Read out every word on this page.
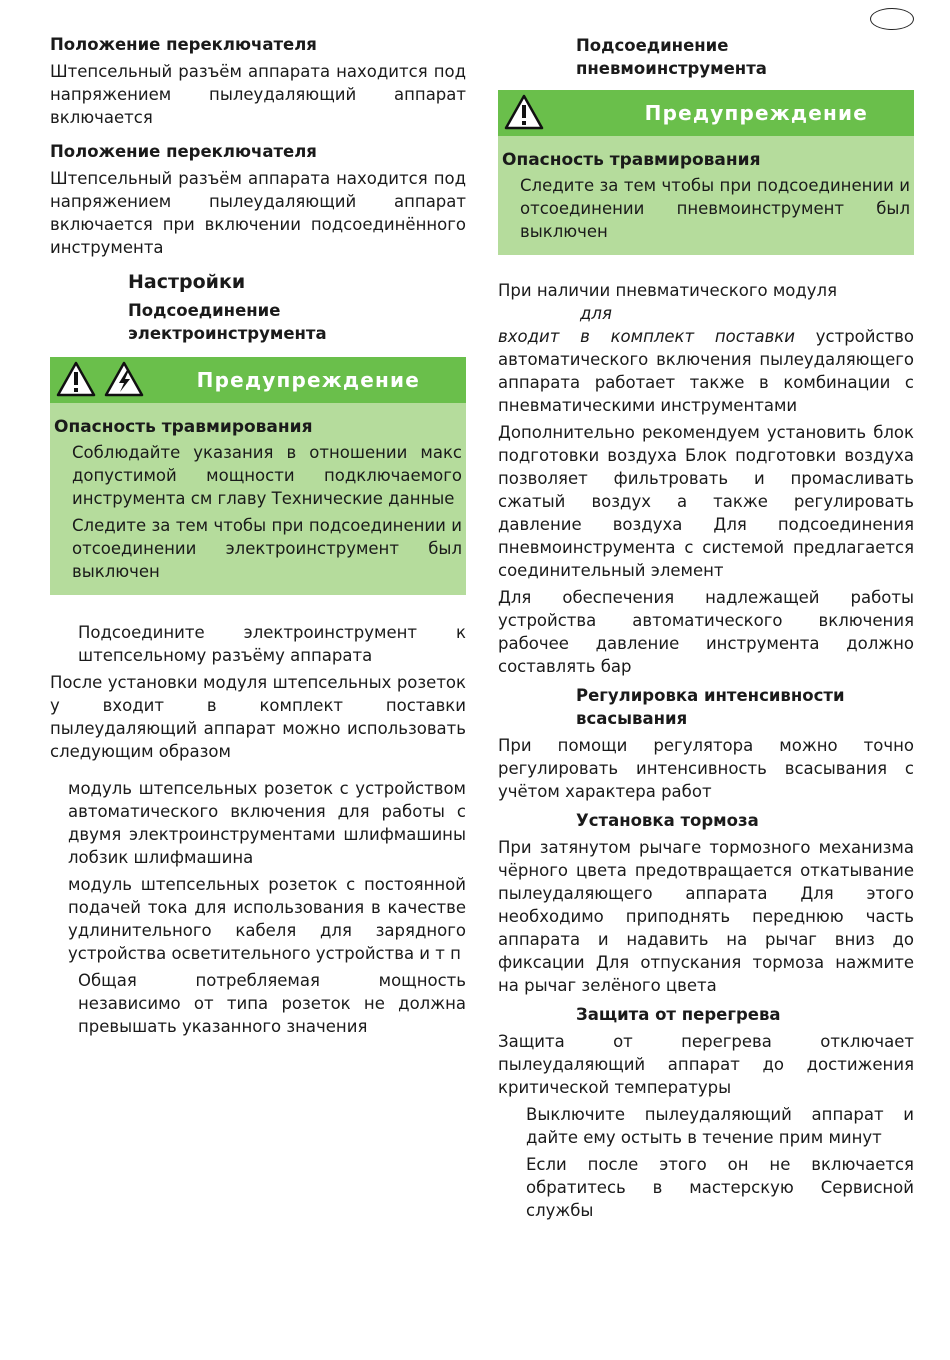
Положение переключателя

Штепсельный разъём аппарата находится под напряжением пылеудаляющий аппарат включается

Положение переключателя

Штепсельный разъём аппарата находится под напряжением пылеудаляющий аппарат включается при включении подсоединённого инструмента

Настройки

Подсоединение электроинструмента

Предупреждение

Опасность травмирования

Соблюдайте указания в отношении макс допустимой мощности подключаемого инструмента см главу Технические данные

Следите за тем чтобы при подсоединении и отсоединении электроинструмент был выключен

Подсоедините электроинструмент к штепсельному разъёму аппарата

После установки модуля штепсельных розеток у входит в комплект поставки пылеудаляющий аппарат можно использовать следующим образом

модуль штепсельных розеток с устройством автоматического включения для работы с двумя электроинструментами шлифмашины лобзик шлифмашина

модуль штепсельных розеток с постоянной подачей тока для использования в качестве удлинительного кабеля для зарядного устройства осветительного устройства и т п

Общая потребляемая мощность независимо от типа розеток не должна превышать указанного значения

Подсоединение пневмоинструмента

Предупреждение

Опасность травмирования

Следите за тем чтобы при подсоединении и отсоединении пневмоинструмент был выключен

При наличии пневматического модуля

для

входит в комплект поставки устройство автоматического включения пылеудаляющего аппарата работает также в комбинации с пневматическими инструментами

Дополнительно рекомендуем установить блок подготовки воздуха Блок подготовки воздуха позволяет фильтровать и промасливать сжатый воздух а также регулировать давление воздуха Для подсоединения пневмоинструмента с системой предлагается соединительный элемент

Для обеспечения надлежащей работы устройства автоматического включения рабочее давление инструмента должно составлять бар

Регулировка интенсивности всасывания

При помощи регулятора можно точно регулировать интенсивность всасывания с учётом характера работ

Установка тормоза

При затянутом рычаге тормозного механизма чёрного цвета предотвращается откатывание пылеудаляющего аппарата Для этого необходимо приподнять переднюю часть аппарата и надавить на рычаг вниз до фиксации Для отпускания тормоза нажмите на рычаг зелёного цвета

Защита от перегрева

Защита от перегрева отключает пылеудаляющий аппарат до достижения критической температуры

Выключите пылеудаляющий аппарат и дайте ему остыть в течение прим минут

Если после этого он не включается обратитесь в мастерскую Сервисной службы
